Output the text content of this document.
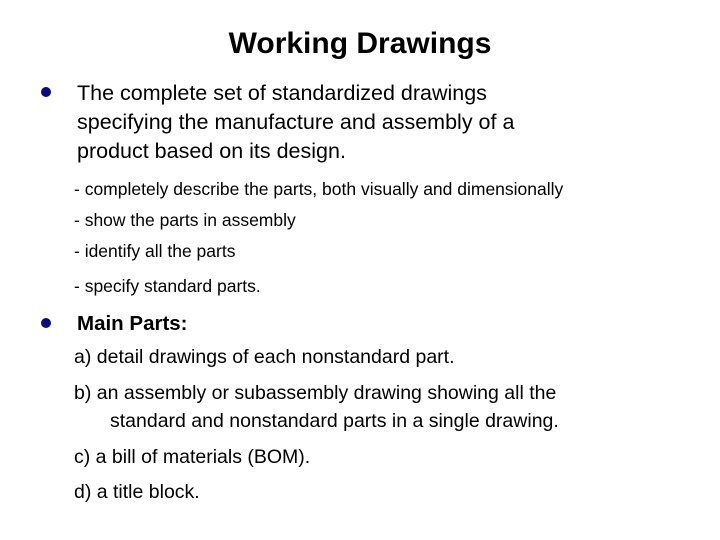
Working Drawings
The complete set of standardized drawings
specifying the manufacture and assembly of a
product based on its design.
- completely describe the parts, both visually and dimensionally
- show the parts in assembly
- identify all the parts
- specify standard parts.
Main Parts:
a) detail drawings of each nonstandard part.
b) an assembly or subassembly drawing showing all the
standard and nonstandard parts in a single drawing.
c) a bill of materials (BOM).
d) a title block.
